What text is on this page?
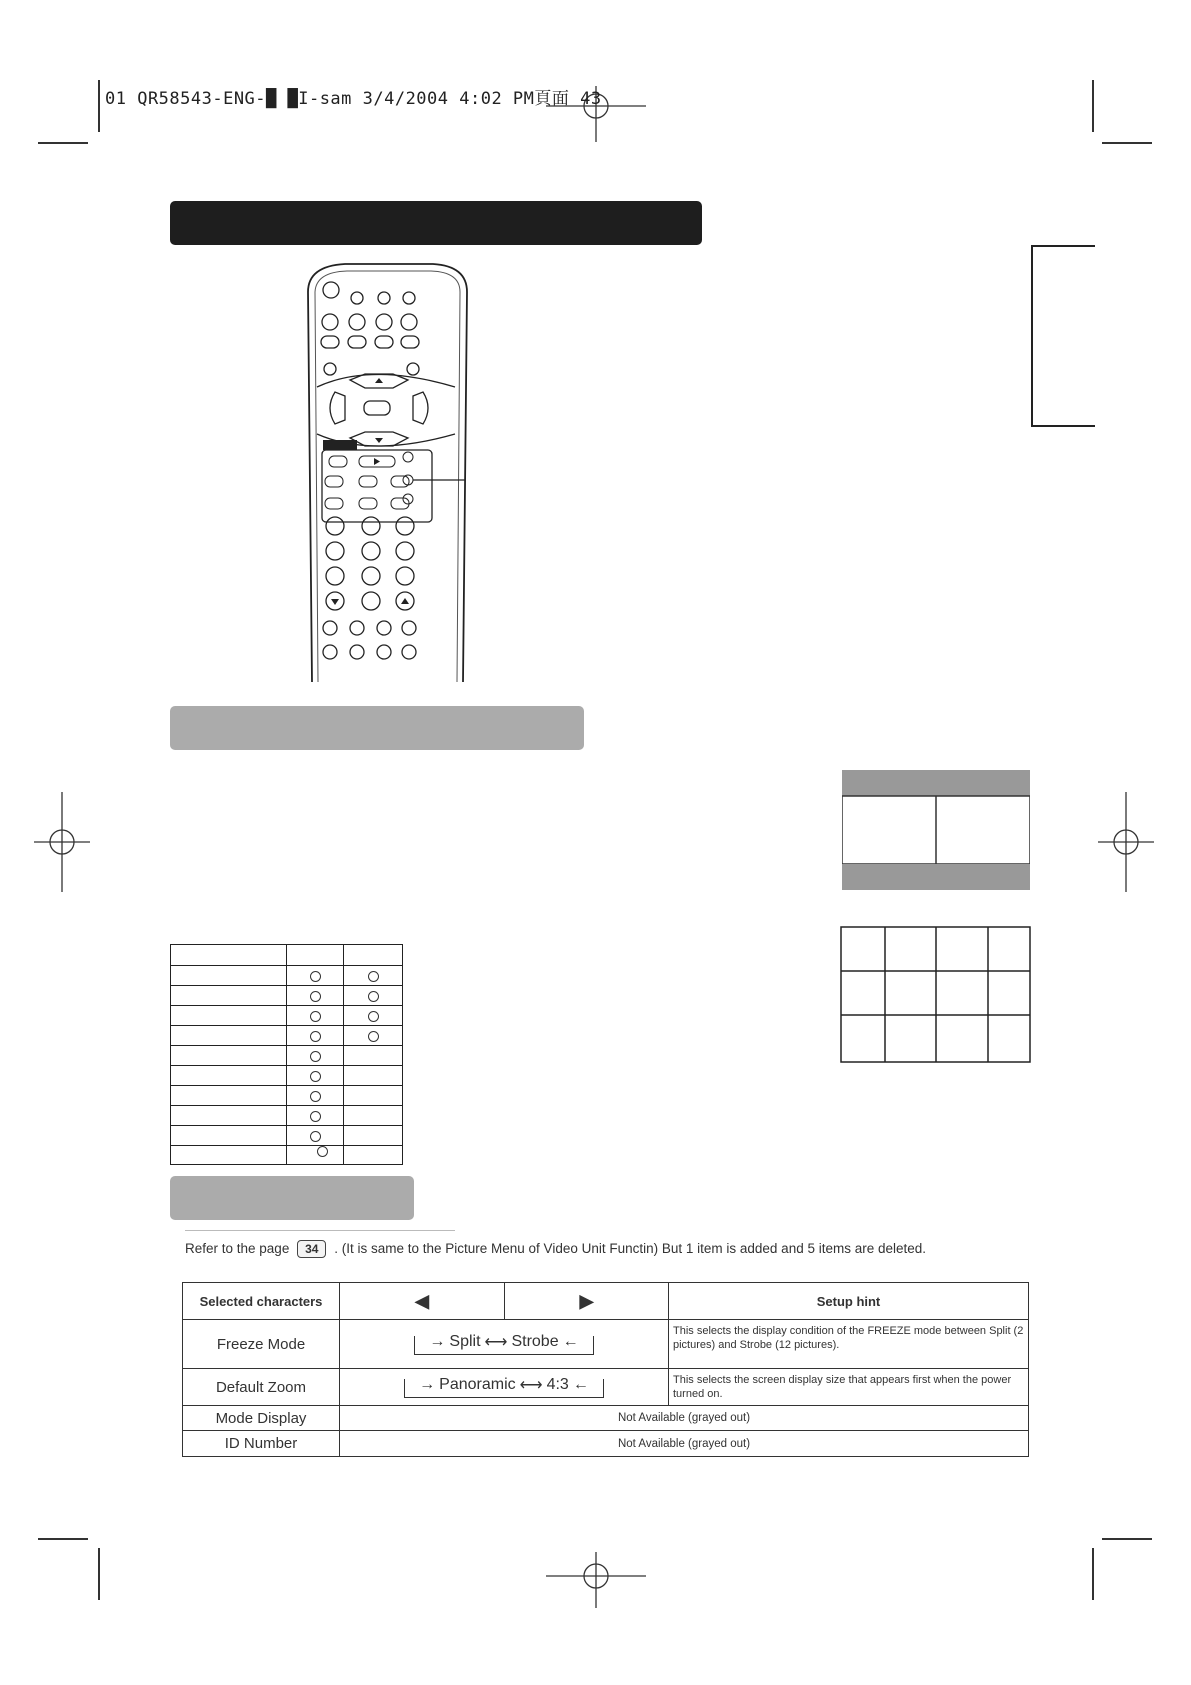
01 QR58543-ENG-█ █I-sam 3/4/2004 4:02 PM頁面 43

Refer to the page 34 . (It is same to the Picture Menu of Video Unit Functin) But 1 item is added and 5 items are deleted.
Selected characters	◀	▶	Setup hint
Freeze Mode	→ Split ⟷ Strobe ←		This selects the display condition of the FREEZE mode between Split (2 pictures) and Strobe (12 pictures).
Default Zoom	→ Panoramic ⟷ 4:3 ←		This selects the screen display size that appears first when the power turned on.
Mode Display	Not Available (grayed out)		
ID Number	Not Available (grayed out)		
